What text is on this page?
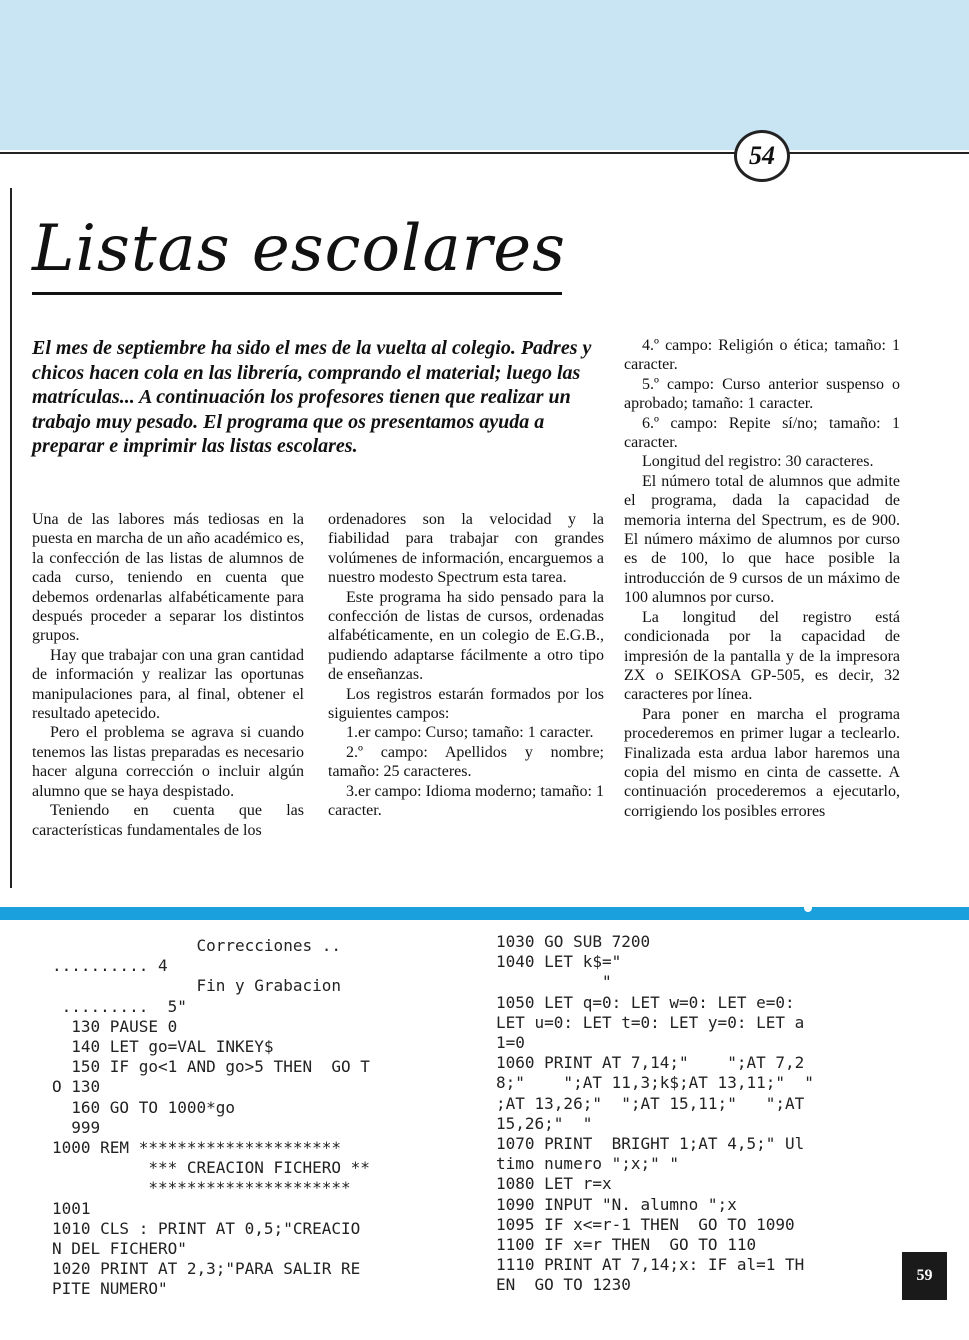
54
Listas escolares
El mes de septiembre ha sido el mes de la vuelta al colegio. Padres y chicos hacen cola en las librería, comprando el material; luego las matrículas... A continuación los profesores tienen que realizar un trabajo muy pesado. El programa que os presentamos ayuda a preparar e imprimir las listas escolares.

Una de las labores más tediosas en la puesta en marcha de un año académico es, la confección de las listas de alumnos de cada curso, teniendo en cuenta que debemos ordenarlas alfabéticamente para después proceder a separar los distintos grupos.

Hay que trabajar con una gran cantidad de información y realizar las oportunas manipulaciones para, al final, obtener el resultado apetecido.

Pero el problema se agrava si cuando tenemos las listas preparadas es necesario hacer alguna corrección o incluir algún alumno que se haya despistado.

Teniendo en cuenta que las características fundamentales de los

ordenadores son la velocidad y la fiabilidad para trabajar con grandes volúmenes de información, encarguemos a nuestro modesto Spectrum esta tarea.

Este programa ha sido pensado para la confección de listas de cursos, ordenadas alfabéticamente, en un colegio de E.G.B., pudiendo adaptarse fácilmente a otro tipo de enseñanzas.

Los registros estarán formados por los siguientes campos:

1.er campo: Curso; tamaño: 1 caracter.

2.º campo: Apellidos y nombre; tamaño: 25 caracteres.

3.er campo: Idioma moderno; tamaño: 1 caracter.

4.º campo: Religión o ética; tamaño: 1 caracter.

5.º campo: Curso anterior suspenso o aprobado; tamaño: 1 caracter.

6.º campo: Repite sí/no; tamaño: 1 caracter.

Longitud del registro: 30 caracteres.

El número total de alumnos que admite el programa, dada la capacidad de memoria interna del Spectrum, es de 900. El número máximo de alumnos por curso es de 100, lo que hace posible la introducción de 9 cursos de un máximo de 100 alumnos por curso.

La longitud del registro está condicionada por la capacidad de impresión de la pantalla y de la impresora ZX o SEIKOSA GP-505, es decir, 32 caracteres por línea.

Para poner en marcha el programa procederemos en primer lugar a teclearlo. Finalizada esta ardua labor haremos una copia del mismo en cinta de cassette. A continuación procederemos a ejecutarlo, corrigiendo los posibles errores

Correcciones ..
.......... 4
Fin y Grabacion
.........  5"
130 PAUSE 0
140 LET go=VAL INKEY$
150 IF go<1 AND go>5 THEN  GO T
O 130
160 GO TO 1000*go
999
1000 REM *********************
*** CREACION FICHERO **
*********************
1001
1010 CLS : PRINT AT 0,5;"CREACIO
N DEL FICHERO"
1020 PRINT AT 2,3;"PARA SALIR RE
PITE NUMERO"
1030 GO SUB 7200
1040 LET k$="
"
1050 LET q=0: LET w=0: LET e=0:
LET u=0: LET t=0: LET y=0: LET a
1=0
1060 PRINT AT 7,14;"    ";AT 7,2
8;"    ";AT 11,3;k$;AT 13,11;"  "
;AT 13,26;"  ";AT 15,11;"   ";AT
15,26;"  "
1070 PRINT  BRIGHT 1;AT 4,5;" Ul
timo numero ";x;" "
1080 LET r=x
1090 INPUT "N. alumno ";x
1095 IF x<=r-1 THEN  GO TO 1090
1100 IF x=r THEN  GO TO 110
1110 PRINT AT 7,14;x: IF al=1 TH
EN  GO TO 1230	59
